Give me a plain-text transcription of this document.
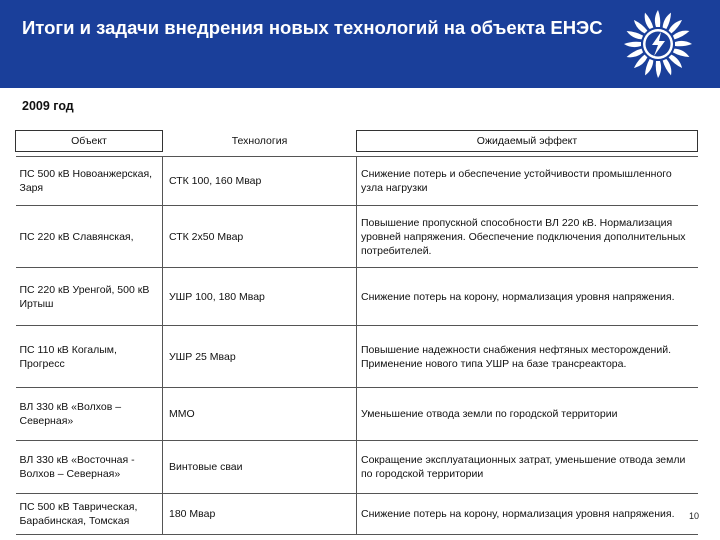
Итоги и задачи внедрения новых технологий на объекта ЕНЭС
2009 год
Объект	Технология	Ожидаемый эффект

ПС 500 кВ Новоанжерская, Заря	СТК 100, 160 Мвар	Снижение потерь и обеспечение устойчивости промышленного узла нагрузки
ПС 220 кВ Славянская,	СТК 2х50 Мвар	Повышение пропускной способности ВЛ 220 кВ. Нормализация уровней напряжения. Обеспечение подключения дополнительных потребителей.
ПС 220 кВ Уренгой, 500 кВ Иртыш	УШР 100, 180 Мвар	Снижение потерь на корону, нормализация уровня напряжения.
ПС 110 кВ Когалым, Прогресс	УШР 25 Мвар	Повышение надежности снабжения нефтяных месторождений. Применение нового типа УШР на базе трансреактора.
ВЛ 330 кВ «Волхов – Северная»	ММО	Уменьшение отвода земли по городской территории
ВЛ 330 кВ «Восточная - Волхов – Северная»	Винтовые сваи	Сокращение эксплуатационных затрат, уменьшение отвода земли по городской территории
ПС 500 кВ Таврическая, Барабинская, Томская	180 Мвар	Снижение потерь на корону, нормализация уровня напряжения. 10
